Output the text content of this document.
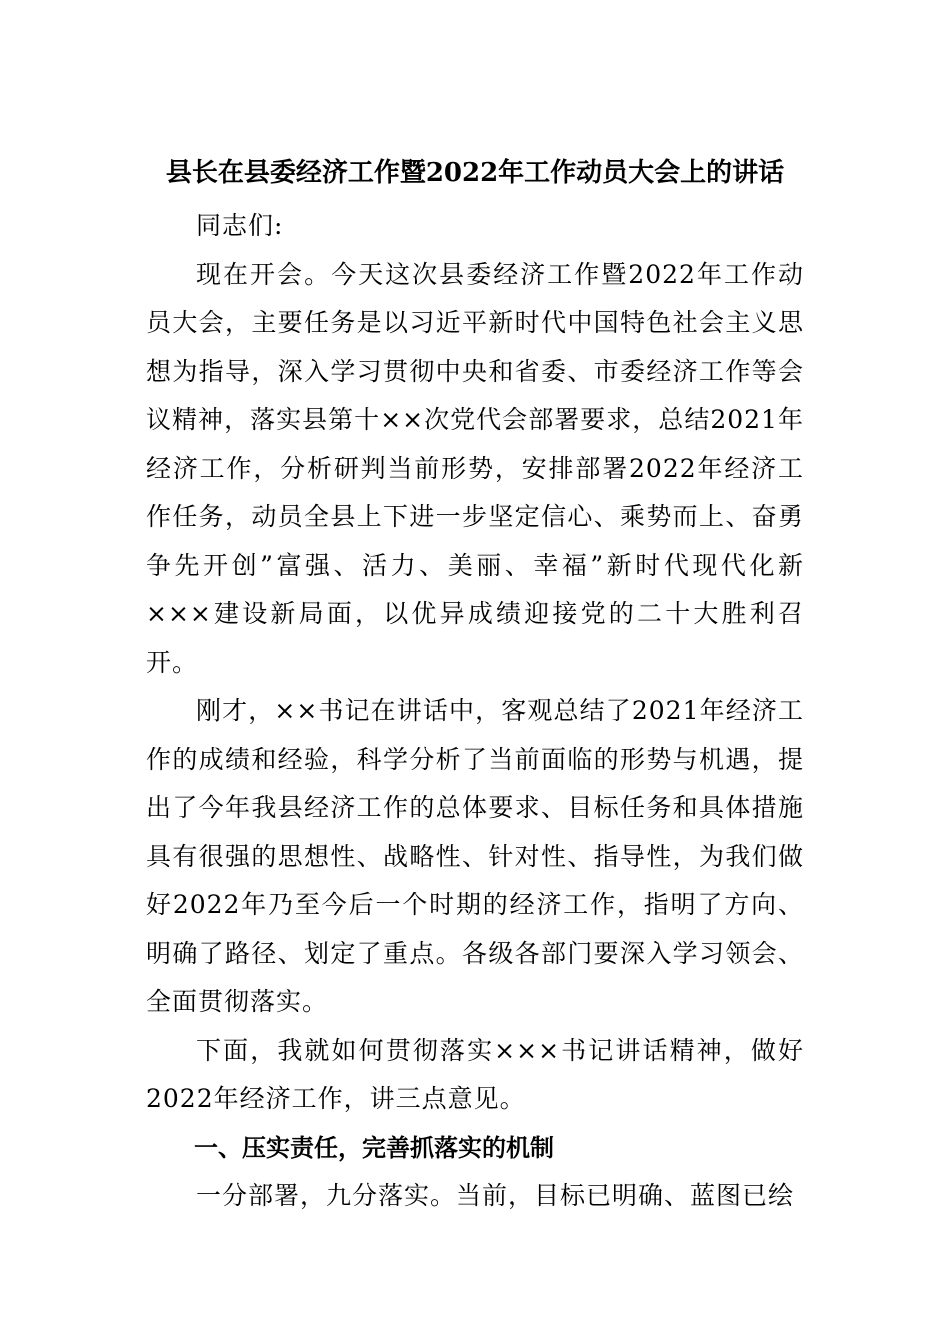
县长在县委经济工作暨2022年工作动员大会上的讲话

同志们:

现在开会。今天这次县委经济工作暨2022年工作动员大会，主要任务是以习近平新时代中国特色社会主义思想为指导，深入学习贯彻中央和省委、市委经济工作等会议精神，落实县第十××次党代会部署要求，总结2021年经济工作，分析研判当前形势，安排部署2022年经济工作任务，动员全县上下进一步坚定信心、乘势而上、奋勇争先开创”富强、活力、美丽、幸福”新时代现代化新×××建设新局面，以优异成绩迎接党的二十大胜利召开。

刚才，××书记在讲话中，客观总结了2021年经济工作的成绩和经验，科学分析了当前面临的形势与机遇，提出了今年我县经济工作的总体要求、目标任务和具体措施具有很强的思想性、战略性、针对性、指导性，为我们做好2022年乃至今后一个时期的经济工作，指明了方向、明确了路径、划定了重点。各级各部门要深入学习领会、全面贯彻落实。

下面，我就如何贯彻落实×××书记讲话精神，做好2022年经济工作，讲三点意见。

一、压实责任，完善抓落实的机制

一分部署，九分落实。当前，目标已明确、蓝图已绘
